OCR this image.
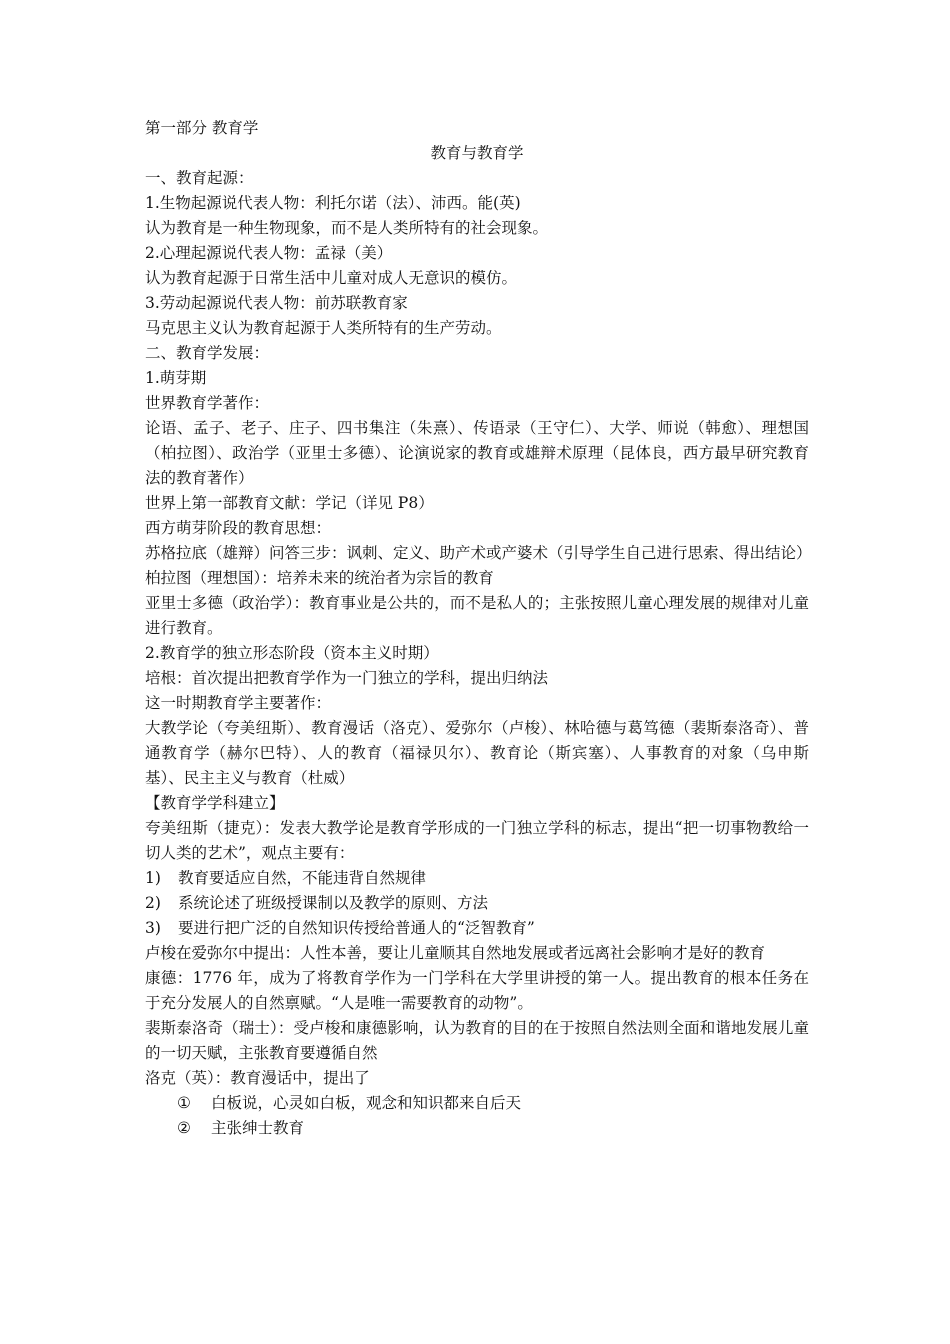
第一部分 教育学
教育与教育学
一、教育起源：
1.生物起源说代表人物：利托尔诺（法）、沛西。能(英)
认为教育是一种生物现象，而不是人类所特有的社会现象。
2.心理起源说代表人物：孟禄（美）
认为教育起源于日常生活中儿童对成人无意识的模仿。
3.劳动起源说代表人物：前苏联教育家
马克思主义认为教育起源于人类所特有的生产劳动。
二、教育学发展：
1.萌芽期
世界教育学著作：
论语、孟子、老子、庄子、四书集注（朱熹）、传语录（王守仁）、大学、师说（韩愈）、理想国（柏拉图）、政治学（亚里士多德）、论演说家的教育或雄辩术原理（昆体良，西方最早研究教育法的教育著作）
世界上第一部教育文献：学记（详见 P8）
西方萌芽阶段的教育思想：
苏格拉底（雄辩）问答三步：讽刺、定义、助产术或产婆术（引导学生自己进行思索、得出结论）
柏拉图（理想国）：培养未来的统治者为宗旨的教育
亚里士多德（政治学）：教育事业是公共的，而不是私人的；主张按照儿童心理发展的规律对儿童进行教育。
2.教育学的独立形态阶段（资本主义时期）
培根：首次提出把教育学作为一门独立的学科，提出归纳法
这一时期教育学主要著作：
大教学论（夸美纽斯）、教育漫话（洛克）、爱弥尔（卢梭）、林哈德与葛笃德（裴斯泰洛奇）、普通教育学（赫尔巴特）、人的教育（福禄贝尔）、教育论（斯宾塞）、人事教育的对象（乌申斯基）、民主主义与教育（杜威）
【教育学学科建立】
夸美纽斯（捷克）：发表大教学论是教育学形成的一门独立学科的标志，提出“把一切事物教给一切人类的艺术”，观点主要有：
1) 教育要适应自然，不能违背自然规律
2) 系统论述了班级授课制以及教学的原则、方法
3) 要进行把广泛的自然知识传授给普通人的“泛智教育”
卢梭在爱弥尔中提出：人性本善，要让儿童顺其自然地发展或者远离社会影响才是好的教育
康德：1776 年，成为了将教育学作为一门学科在大学里讲授的第一人。提出教育的根本任务在于充分发展人的自然禀赋。“人是唯一需要教育的动物”。
裴斯泰洛奇（瑞士）：受卢梭和康德影响，认为教育的目的在于按照自然法则全面和谐地发展儿童的一切天赋，主张教育要遵循自然
洛克（英）：教育漫话中，提出了
① 白板说，心灵如白板，观念和知识都来自后天
② 主张绅士教育
